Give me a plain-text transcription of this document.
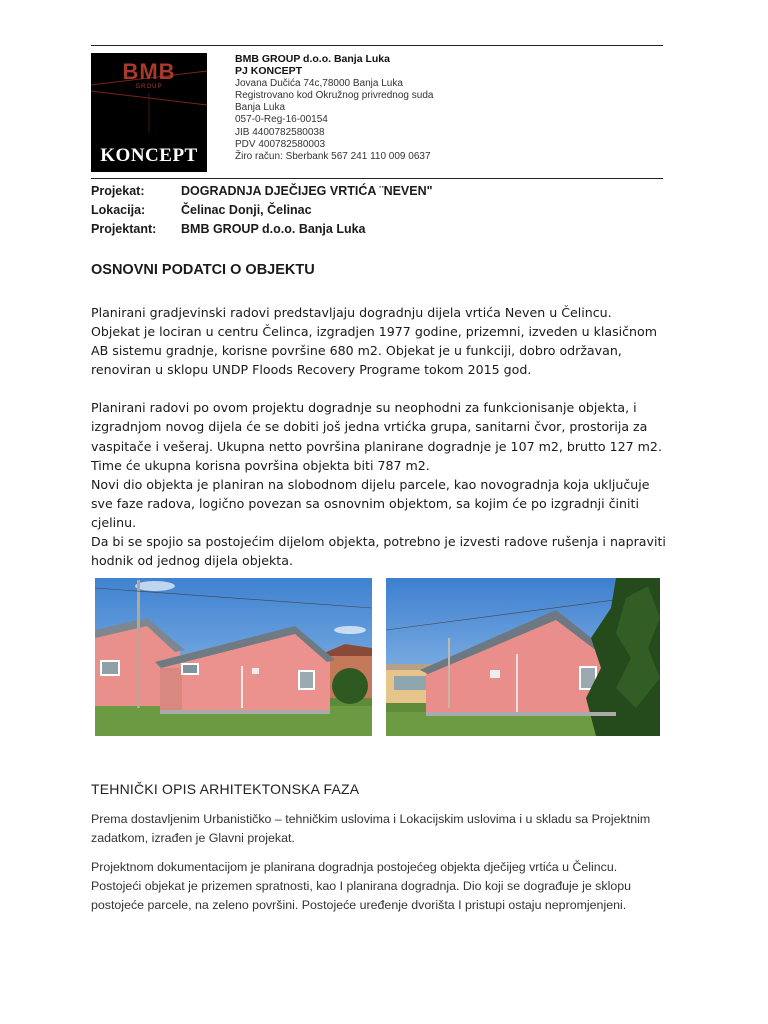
BMB
GROUP
KONCEPT
BMB GROUP d.o.o. Banja Luka
PJ KONCEPT
Jovana Dučića 74c,78000 Banja Luka
Registrovano kod Okružnog privrednog suda
Banja Luka
057-0-Reg-16-00154
JIB 4400782580038
PDV 400782580003
Žiro račun: Sberbank 567 241 110 009 0637
Projekat:	DOGRADNJA DJEČIJEG VRTIĆA ¨NEVEN"
Lokacija:	Čelinac Donji, Čelinac
Projektant:	BMB GROUP d.o.o. Banja Luka
OSNOVNI PODATCI O OBJEKTU

Planirani gradjevinski radovi predstavljaju dogradnju dijela vrtića Neven u Čelincu.

Objekat je lociran u centru Čelinca, izgradjen 1977 godine, prizemni, izveden u klasičnom AB sistemu gradnje, korisne površine 680 m2. Objekat je u funkciji, dobro održavan, renoviran u sklopu UNDP Floods Recovery Programe tokom 2015 god.

Planirani radovi po ovom projektu dogradnje su neophodni za funkcionisanje objekta, i izgradnjom novog dijela će se dobiti još jedna vrtićka grupa, sanitarni čvor, prostorija za vaspitače i vešeraj. Ukupna netto površina planirane dogradnje je 107 m2, brutto 127 m2. Time će ukupna korisna površina objekta biti 787 m2.

Novi dio objekta je planiran na slobodnom dijelu parcele, kao novogradnja koja uključuje sve faze radova, logično povezan sa osnovnim objektom, sa kojim će po izgradnji činiti cjelinu.

Da bi se spojio sa postojećim dijelom objekta, potrebno je izvesti radove rušenja i napraviti hodnik od jednog dijela objekta.

TEHNIČKI OPIS ARHITEKTONSKA FAZA

Prema dostavljenim Urbanističko – tehničkim uslovima i Lokacijskim uslovima i u skladu sa Projektnim zadatkom, izrađen je Glavni projekat.

Projektnom dokumentacijom je planirana dogradnja postojećeg objekta dječijeg vrtića u Čelincu. Postojeći objekat je prizemen spratnosti, kao I planirana dogradnja. Dio koji se dograđuje je sklopu postojeće parcele, na zeleno površini. Postojeće uređenje dvorišta I pristupi ostaju nepromjenjeni.
